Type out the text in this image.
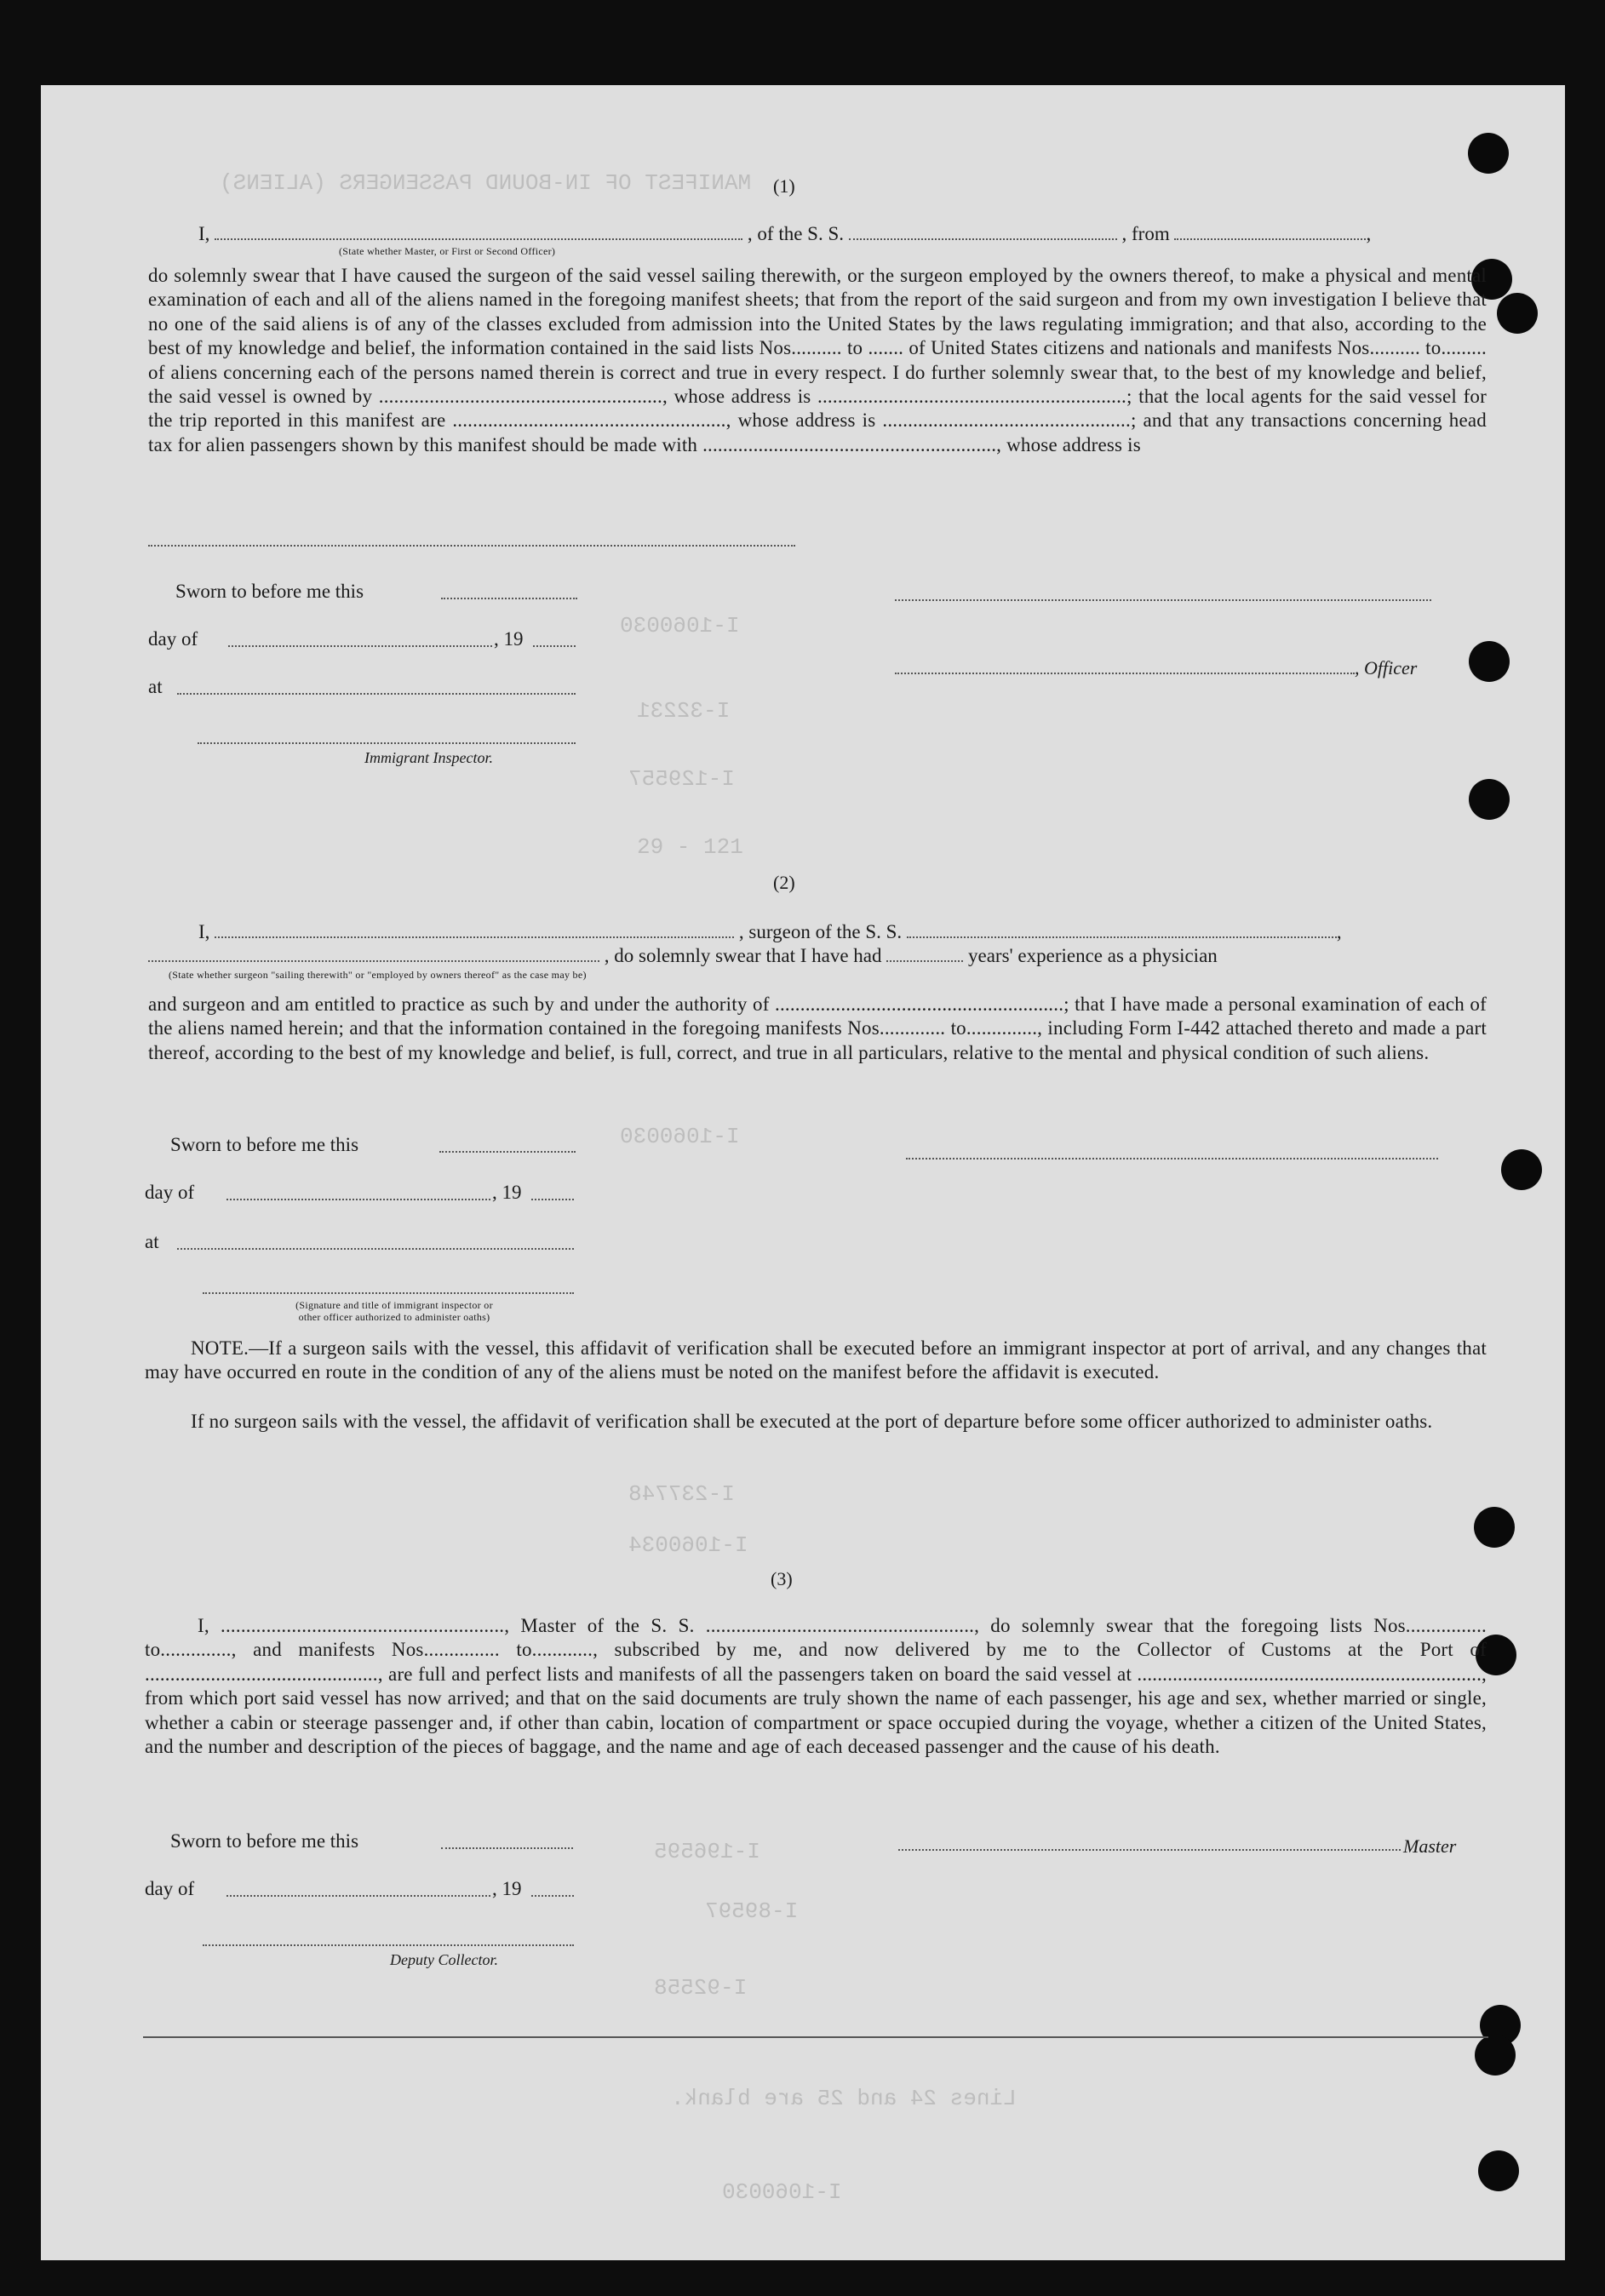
MANIFEST OF IN-BOUND PASSENGERS (ALIENS)
I-1060030
I-32231
I-129557
29 - 121
I-1060030
I-237748
I-1060034
I-196595
I-89597
I-92558
Lines 24 and 25 are blank.
I-1060030
(1)
I,	, of the S. S.	, from	,
(State whether Master, or First or Second Officer)
do solemnly swear that I have caused the surgeon of the said vessel sailing therewith, or the surgeon employed by the owners thereof, to make a physical and mental examination of each and all of the aliens named in the foregoing manifest sheets; that from the report of the said surgeon and from my own investigation I believe that no one of the said aliens is of any of the classes excluded from admission into the United States by the laws regulating immigration; and that also, according to the best of my knowledge and belief, the information contained in the said lists Nos.......... to ....... of United States citizens and nationals and manifests Nos.......... to......... of aliens concerning each of the persons named therein is correct and true in every respect. I do further solemnly swear that, to the best of my knowledge and belief, the said vessel is owned by ........................................................, whose address is .............................................................; that the local agents for the said vessel for the trip reported in this manifest are ......................................................, whose address is .................................................; and that any transactions concerning head tax for alien passengers shown by this manifest should be made with .........................................................., whose address is
Sworn to before me this
day of	, 19
, Officer
at
Immigrant Inspector.
(2)
I,	, surgeon of the S. S.	,
, do solemnly swear that I have had	years' experience as a physician
(State whether surgeon "sailing therewith" or "employed by owners thereof" as the case may be)
and surgeon and am entitled to practice as such by and under the authority of .........................................................; that I have made a personal examination of each of the aliens named herein; and that the information contained in the foregoing manifests Nos............. to.............., including Form I-442 attached thereto and made a part thereof, according to the best of my knowledge and belief, is full, correct, and true in all particulars, relative to the mental and physical condition of such aliens.
Sworn to before me this
day of	, 19
at
(Signature and title of immigrant inspector or
other officer authorized to administer oaths)
NOTE.—If a surgeon sails with the vessel, this affidavit of verification shall be executed before an immigrant inspector at port of arrival, and any changes that may have occurred en route in the condition of any of the aliens must be noted on the manifest before the affidavit is executed.
If no surgeon sails with the vessel, the affidavit of verification shall be executed at the port of departure before some officer authorized to administer oaths.
(3)
I, ........................................................, Master of the S. S. ....................................................., do solemnly swear that the foregoing lists Nos................ to.............., and manifests Nos............... to............, subscribed by me, and now delivered by me to the Collector of Customs at the Port of .............................................., are full and perfect lists and manifests of all the passengers taken on board the said vessel at ...................................................................., from which port said vessel has now arrived; and that on the said documents are truly shown the name of each passenger, his age and sex, whether married or single, whether a cabin or steerage passenger and, if other than cabin, location of compartment or space occupied during the voyage, whether a citizen of the United States, and the number and description of the pieces of baggage, and the name and age of each deceased passenger and the cause of his death.
Sworn to before me this	Master
day of	, 19
Deputy Collector.
